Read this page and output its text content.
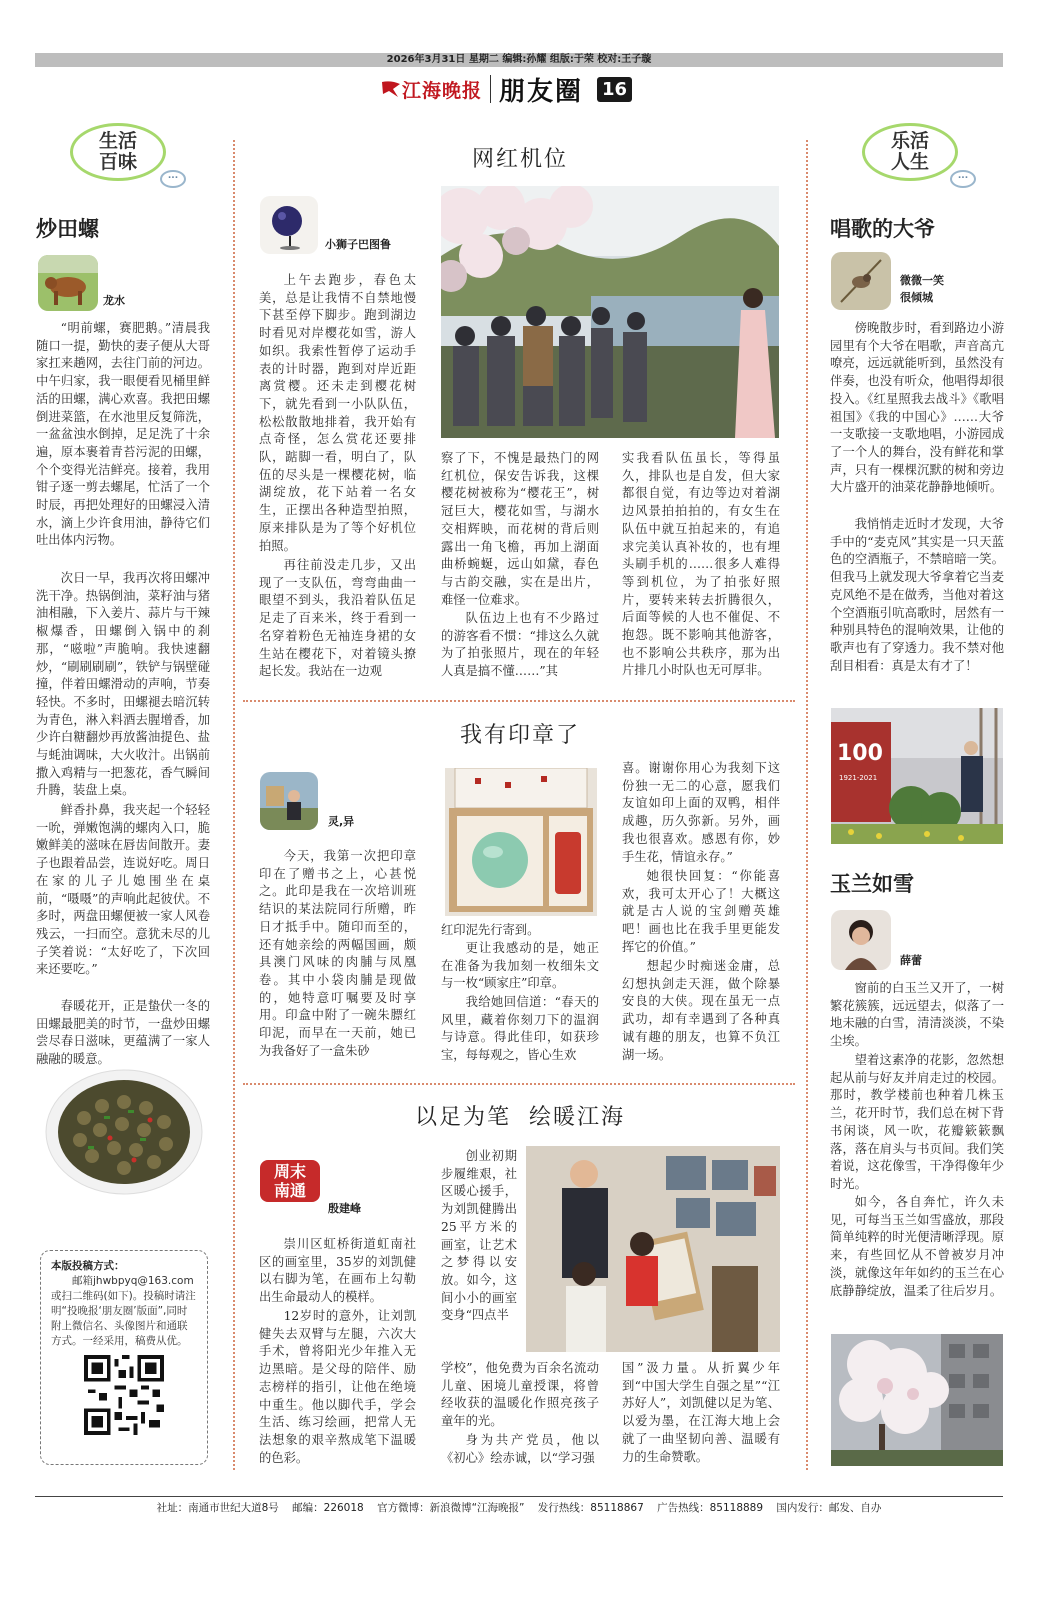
2026年3月31日 星期二 编辑:孙耀 组版:于荣 校对:王子璇
江海晚报 朋友圈 16
生活
百味
...
乐活
人生
...
炒田螺
龙水

“明前螺，赛肥鹅。”清晨我随口一提，勤快的妻子便从大哥家扛来趟网，去往门前的河边。中午归家，我一眼便看见桶里鲜活的田螺，满心欢喜。我把田螺倒进菜篮，在水池里反复筛洗，一盆盆浊水倒掉，足足洗了十余遍，原本裹着青苔污泥的田螺，个个变得光洁鲜亮。接着，我用钳子逐一剪去螺尾，忙活了一个时辰，再把处理好的田螺浸入清水，滴上少许食用油，静待它们吐出体内污物。

次日一早，我再次将田螺冲洗干净。热锅倒油，菜籽油与猪油相融，下入姜片、蒜片与干辣椒爆香，田螺倒入锅中的刹那，“嗞啦”声脆响。我快速翻炒，“刷刷刷刷”，铁铲与锅壁碰撞，伴着田螺滑动的声响，节奏轻快。不多时，田螺褪去暗沉转为青色，淋入料酒去腥增香，加少许白糖翻炒再放酱油提色、盐与蚝油调味，大火收汁。出锅前撒入鸡精与一把葱花，香气瞬间升腾，装盘上桌。

鲜香扑鼻，我夹起一个轻轻一吮，弹嫩饱满的螺肉入口，脆嫩鲜美的滋味在唇齿间散开。妻子也跟着品尝，连说好吃。周日在家的儿子儿媳围坐在桌前，“嗫嗫”的声响此起彼伏。不多时，两盘田螺便被一家人风卷残云，一扫而空。意犹未尽的儿子笑着说：“太好吃了，下次回来还要吃。”

春暖花开，正是蛰伏一冬的田螺最肥美的时节，一盘炒田螺尝尽春日滋味，更蕴满了一家人融融的暖意。

本版投稿方式：
邮箱jhwbpyq@163.com或扫二维码(如下)。投稿时请注明“投晚报‘朋友圈’版面”,同时附上微信名、头像图片和通联方式。一经采用，稿费从优。
网红机位
小狮子巴图鲁

上午去跑步，春色太美，总是让我情不自禁地慢下甚至停下脚步。跑到湖边时看见对岸樱花如雪，游人如织。我索性暂停了运动手表的计时器，跑到对岸近距离赏樱。还未走到樱花树下，就先看到一小队队伍，松松散散地排着，我开始有点奇怪，怎么赏花还要排队，踮脚一看，明白了，队伍的尽头是一棵樱花树，临湖绽放，花下站着一名女生，正摆出各种造型拍照，原来排队是为了等个好机位拍照。

再往前没走几步，又出现了一支队伍，弯弯曲曲一眼望不到头，我沿着队伍足足走了百来米，终于看到一名穿着粉色无袖连身裙的女生站在樱花下，对着镜头撩起长发。我站在一边观

察了下，不愧是最热门的网红机位，保安告诉我，这棵樱花树被称为“樱花王”，树冠巨大，樱花如雪，与湖水交相辉映，而花树的背后则露出一角飞檐，再加上湖面曲桥蜿蜒，远山如黛，春色与古韵交融，实在是出片，难怪一位难求。

队伍边上也有不少路过的游客看不惯：“排这么久就为了拍张照片，现在的年轻人真是搞不懂……”其

实我看队伍虽长，等得虽久，排队也是自发，但大家都很自觉，有边等边对着湖边风景拍拍拍的，有女生在队伍中就互拍起来的，有追求完美认真补妆的，也有埋头刷手机的……很多人难得等到机位，为了拍张好照片，要转来转去折腾很久，后面等候的人也不催促、不抱怨。既不影响其他游客，也不影响公共秩序，那为出片排几小时队也无可厚非。

我有印章了
灵,异

今天，我第一次把印章印在了赠书之上，心甚悦之。此印是我在一次培训班结识的某法院同行所赠，昨日才抵手中。随印而至的，还有她亲绘的两幅国画，颇具澳门风味的肉脯与凤凰卷。其中小袋肉脯是现做的，她特意叮嘱要及时享用。印盒中附了一碗朱膘红印泥，而早在一天前，她已为我备好了一盒朱砂

红印泥先行寄到。

更让我感动的是，她正在准备为我加刻一枚细朱文与一枚“顾家庄”印章。

我给她回信道：“春天的风里，藏着你刻刀下的温润与诗意。得此佳印，如获珍宝，每每观之，皆心生欢

喜。谢谢你用心为我刻下这份独一无二的心意，愿我们友谊如印上面的双鸭，相伴成趣，历久弥新。另外，画我也很喜欢。感恩有你，妙手生花，情谊永存。”

她很快回复：“你能喜欢，我可太开心了！大概这就是古人说的宝剑赠英雄吧！画也比在我手里更能发挥它的价值。”

想起少时痴迷金庸，总幻想执剑走天涯，做个除暴安良的大侠。现在虽无一点武功，却有幸遇到了各种真诚有趣的朋友，也算不负江湖一场。

以足为笔  绘暖江海
周末
南通
殷建峰

崇川区虹桥街道虹南社区的画室里，35岁的刘凯健以右脚为笔，在画布上勾勒出生命最动人的模样。

12岁时的意外，让刘凯健失去双臂与左腿，六次大手术，曾将阳光少年推入无边黑暗。是父母的陪伴、励志榜样的指引，让他在绝境中重生。他以脚代手，学会生活、练习绘画，把常人无法想象的艰辛熬成笔下温暖的色彩。

创业初期步履维艰，社区暖心援手，为刘凯健腾出25平方米的画室，让艺术之梦得以安放。如今，这间小小的画室变身“四点半

学校”，他免费为百余名流动儿童、困境儿童授课，将曾经收获的温暖化作照亮孩子童年的光。

身为共产党员，他以《初心》绘赤诚，以“学习强

国”汲力量。从折翼少年到“中国大学生自强之星”“江苏好人”，刘凯健以足为笔、以爱为墨，在江海大地上会就了一曲坚韧向善、温暖有力的生命赞歌。

唱歌的大爷
微微一笑
很倾城

傍晚散步时，看到路边小游园里有个大爷在唱歌，声音高亢嘹亮，远远就能听到，虽然没有伴奏，也没有听众，他唱得却很投入。《红星照我去战斗》《歌唱祖国》《我的中国心》……大爷一支歌接一支歌地唱，小游园成了一个人的舞台，没有鲜花和掌声，只有一棵棵沉默的树和旁边大片盛开的油菜花静静地倾听。

我悄悄走近时才发现，大爷手中的“麦克风”其实是一只天蓝色的空酒瓶子，不禁暗暗一笑。但我马上就发现大爷拿着它当麦克风绝不是在做秀，当他对着这个空酒瓶引吭高歌时，居然有一种别具特色的混响效果，让他的歌声也有了穿透力。我不禁对他刮目相看：真是太有才了！

100
1921-2021
玉兰如雪
薛蕾

窗前的白玉兰又开了，一树繁花簇簇，远远望去，似落了一地未融的白雪，清清淡淡，不染尘埃。

望着这素净的花影，忽然想起从前与好友并肩走过的校园。那时，教学楼前也种着几株玉兰，花开时节，我们总在树下背书闲谈，风一吹，花瓣簌簌飘落，落在肩头与书页间。我们笑着说，这花像雪，干净得像年少时光。

如今，各自奔忙，许久未见，可每当玉兰如雪盛放，那段简单纯粹的时光便清晰浮现。原来，有些回忆从不曾被岁月冲淡，就像这年年如约的玉兰在心底静静绽放，温柔了往后岁月。

社址：南通市世纪大道8号    邮编：226018    官方微博：新浪微博“江海晚报”    发行热线：85118867    广告热线：85118889    国内发行：邮发、自办
